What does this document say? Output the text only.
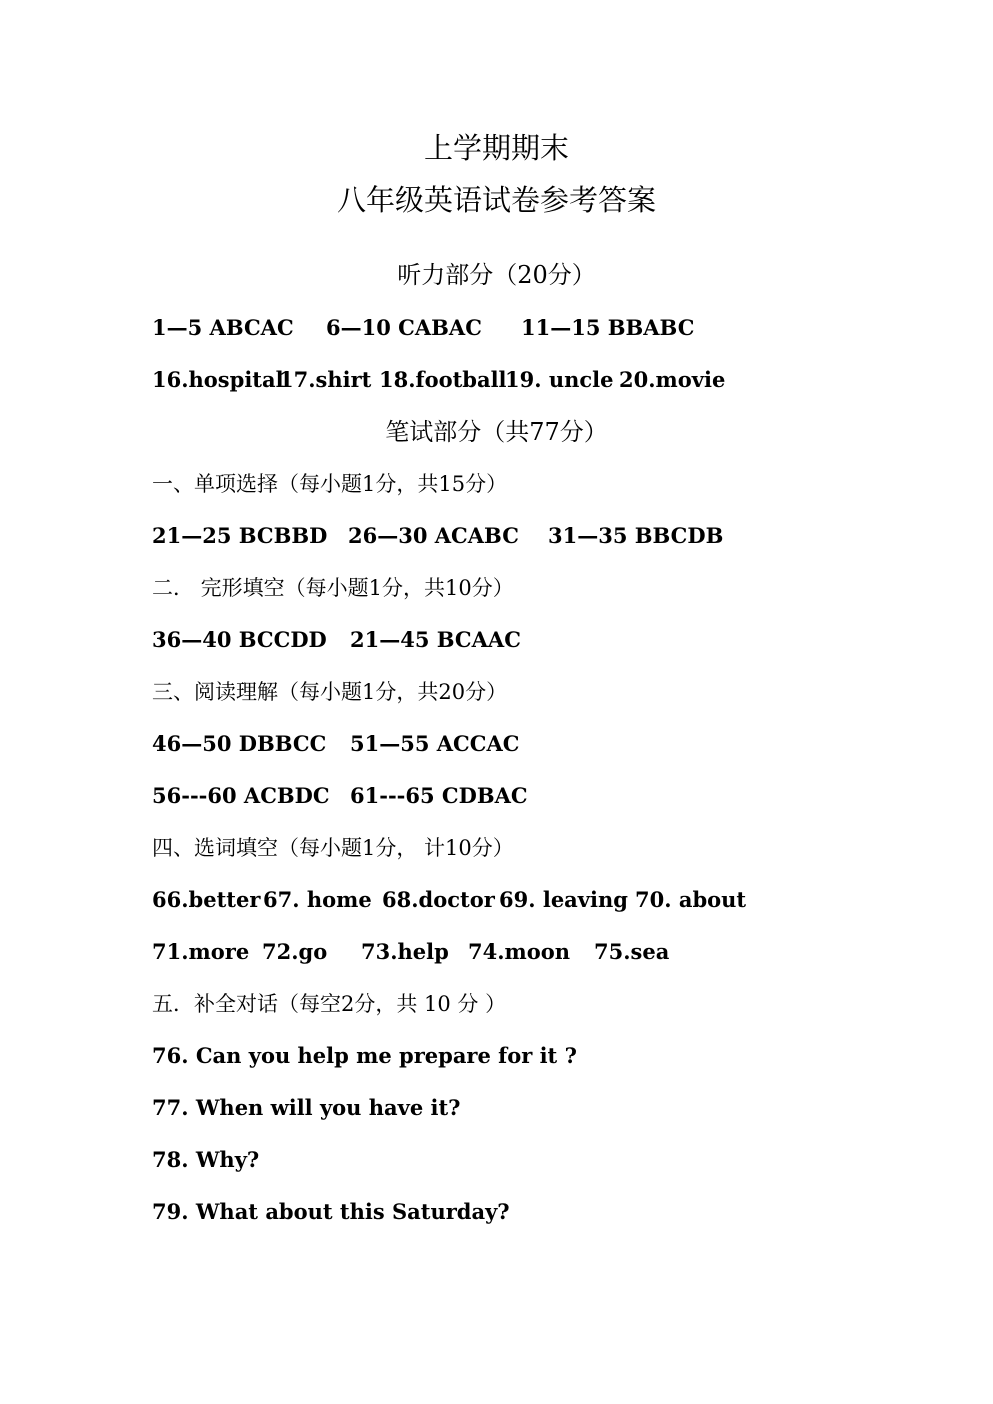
上学期期末
八年级英语试卷参考答案
听力部分（20分）
1—5 ABCAC	6—10 CABAC	11—15 BBABC
16.hospital
17.shirt 18.football
19. uncle 20.movie
笔试部分（共77分）
一、单项选择（每小题1分，共15分）
21—25 BCBBD 26—30 ACABC	31—35 BBCDB
二． 完形填空（每小题1分，共10分）
36—40 BCCDD	21—45 BCAAC
三、阅读理解（每小题1分，共20分）
46—50 DBBCC	51—55 ACCAC
56---60 ACBDC 61---65 CDBAC
四、选词填空（每小题1分， 计10分）
66.better 67. home 68.doctor 69. leaving 70. about
71.more 72.go	73.help 74.moon	75.sea
五．补全对话（每空2分，共 10 分 ）
76. Can you help me prepare for it ?
77. When will you have it?
78. Why?
79. What about this Saturday?
